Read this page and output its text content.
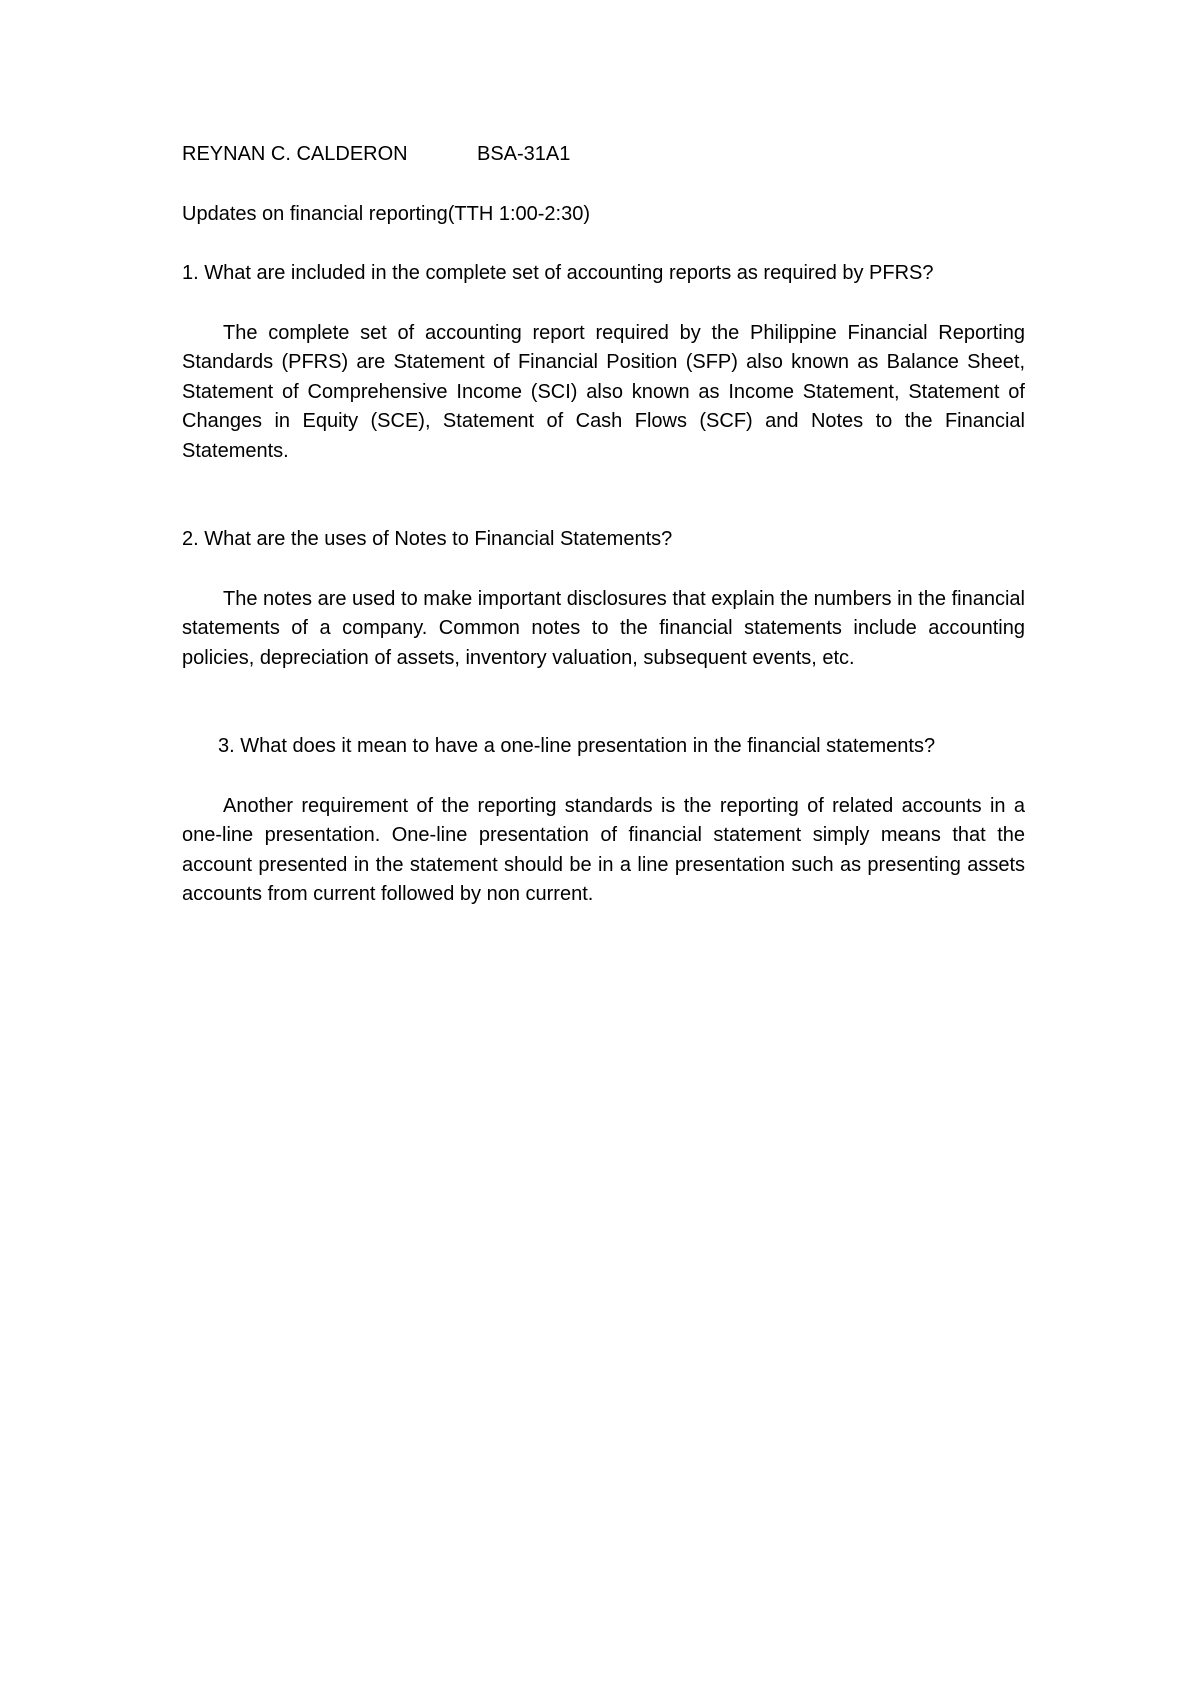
REYNAN C. CALDERON	BSA-31A1

Updates on financial reporting(TTH 1:00-2:30)

1. What are included in the complete set of accounting reports as required by PFRS?

The complete set of accounting report required by the Philippine Financial Reporting Standards (PFRS) are Statement of Financial Position (SFP) also known as Balance Sheet, Statement of Comprehensive Income (SCI) also known as Income Statement, Statement of Changes in Equity (SCE), Statement of Cash Flows (SCF) and Notes to the Financial Statements.

2. What are the uses of Notes to Financial Statements?

The notes are used to make important disclosures that explain the numbers in the financial statements of a company. Common notes to the financial statements include accounting policies, depreciation of assets, inventory valuation, subsequent events, etc.

3. What does it mean to have a one-line presentation in the financial statements?

Another requirement of the reporting standards is the reporting of related accounts in a one-line presentation. One-line presentation of financial statement simply means that the account presented in the statement should be in a line presentation such as presenting assets accounts from current followed by non current.
